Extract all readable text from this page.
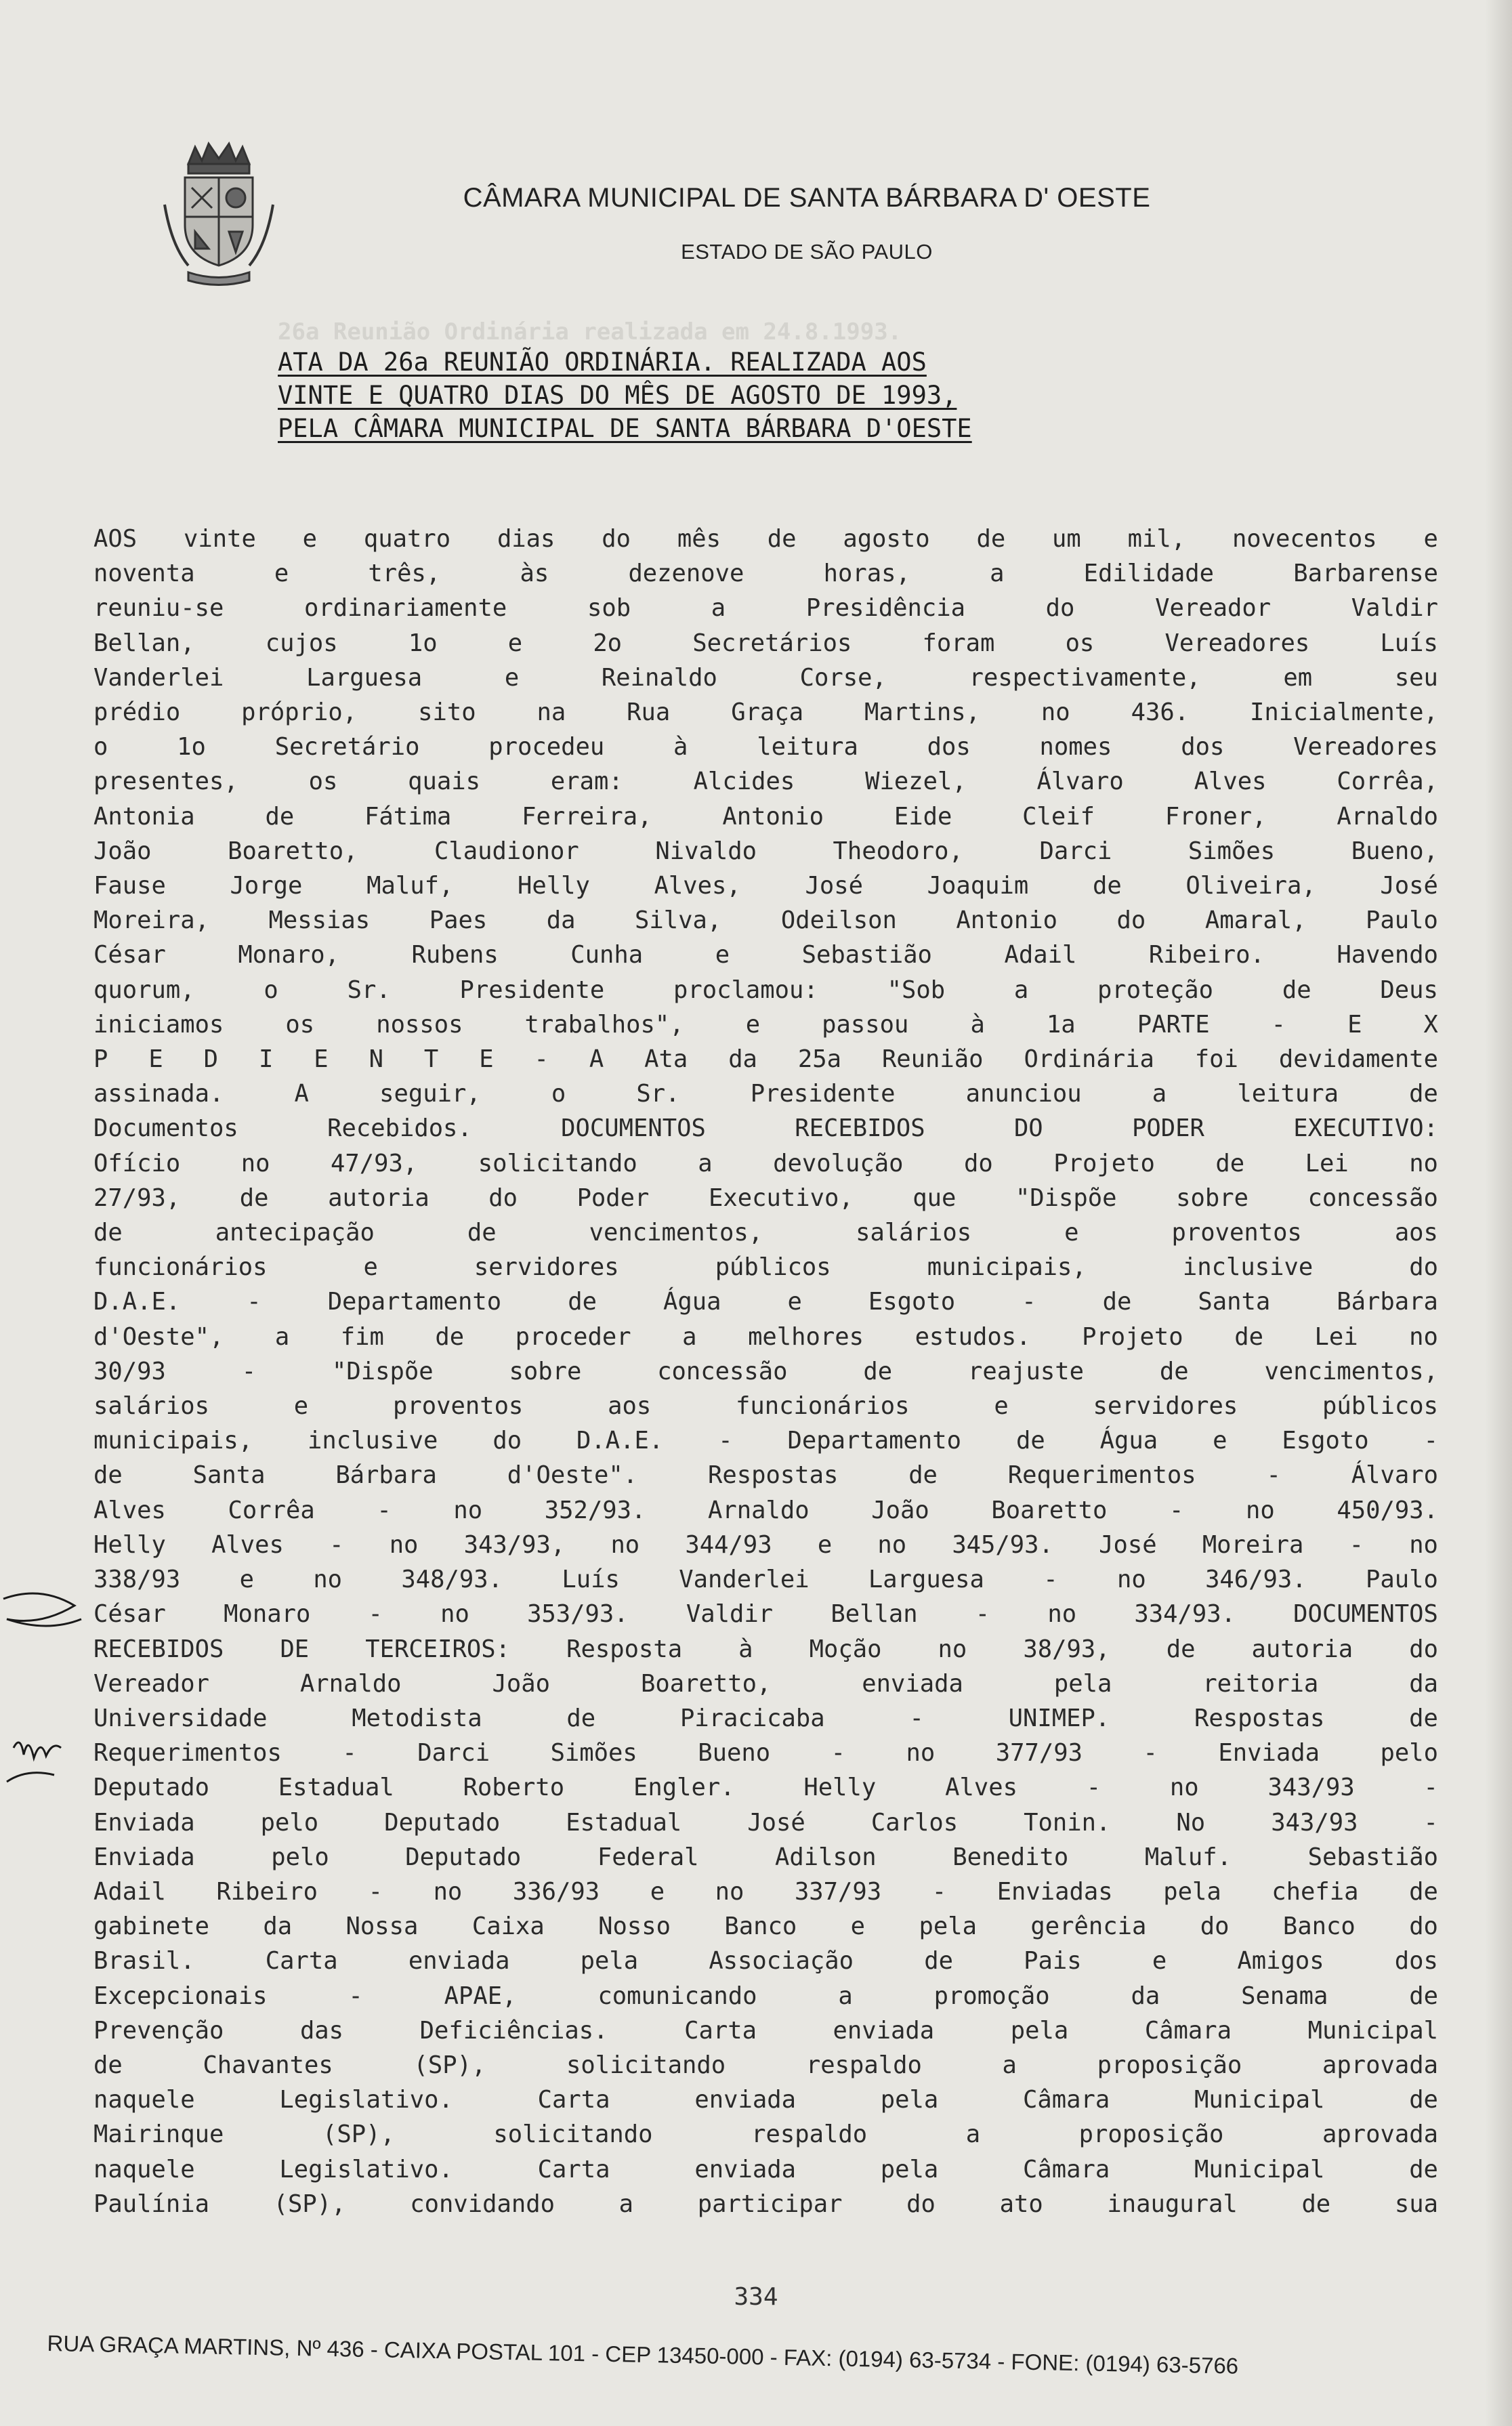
CÂMARA MUNICIPAL DE SANTA BÁRBARA D' OESTE
ESTADO DE SÃO PAULO
26a Reunião Ordinária realizada em 24.8.1993.
ATA DA 26a REUNIÃO ORDINÁRIA. REALIZADA AOS
VINTE E QUATRO DIAS DO MÊS DE AGOSTO DE 1993,
PELA CÂMARA MUNICIPAL DE SANTA BÁRBARA D'OESTE
AOS vinte e quatro dias do mês de agosto de um mil, novecentos e
noventa	e	três,	às	dezenove	horas,	a	Edilidade	Barbarense
reuniu-se	ordinariamente	sob	a	Presidência	do	Vereador	Valdir
Bellan,	cujos	1o	e	2o	Secretários	foram	os	Vereadores	Luís
Vanderlei	Larguesa	e	Reinaldo	Corse,	respectivamente,	em	seu
prédio	próprio,	sito	na	Rua	Graça	Martins,	no	436.	Inicialmente,
o	1o	Secretário	procedeu	à	leitura	dos	nomes	dos	Vereadores
presentes,	os	quais	eram:	Alcides	Wiezel,	Álvaro	Alves	Corrêa,
Antonia	de	Fátima	Ferreira,	Antonio	Eide	Cleif	Froner,	Arnaldo
João	Boaretto,	Claudionor	Nivaldo	Theodoro,	Darci	Simões	Bueno,
Fause	Jorge	Maluf,	Helly	Alves,	José	Joaquim	de	Oliveira,	José
Moreira, Messias Paes da Silva, Odeilson Antonio do Amaral, Paulo
César	Monaro,	Rubens	Cunha	e	Sebastião	Adail	Ribeiro.	Havendo
quorum,	o	Sr.	Presidente	proclamou:	"Sob	a	proteção	de	Deus
iniciamos	os	nossos	trabalhos",	e	passou	à	1a	PARTE	-	E	X
P E D I E N T E - A Ata da 25a Reunião Ordinária foi devidamente
assinada.	A	seguir,	o	Sr.	Presidente	anunciou	a	leitura	de
Documentos	Recebidos.	DOCUMENTOS	RECEBIDOS	DO	PODER	EXECUTIVO:
Ofício	no	47/93,	solicitando	a	devolução	do	Projeto	de	Lei	no
27/93, de autoria do Poder Executivo, que "Dispõe sobre concessão
de	antecipação	de	vencimentos,	salários	e	proventos	aos
funcionários	e	servidores	públicos	municipais,	inclusive	do
D.A.E.	-	Departamento	de	Água	e	Esgoto	-	de	Santa	Bárbara
d'Oeste", a fim de proceder a melhores estudos. Projeto de Lei no
30/93	-	"Dispõe	sobre	concessão	de	reajuste	de	vencimentos,
salários	e	proventos	aos	funcionários	e	servidores	públicos
municipais, inclusive do D.A.E. - Departamento de Água e Esgoto -
de	Santa	Bárbara	d'Oeste".	Respostas	de	Requerimentos	-	Álvaro
Alves	Corrêa	-	no	352/93.	Arnaldo	João	Boaretto	-	no	450/93.
Helly Alves - no 343/93, no 344/93 e no 345/93. José Moreira - no
338/93 e no 348/93. Luís Vanderlei Larguesa - no 346/93. Paulo
César Monaro - no 353/93. Valdir Bellan - no 334/93. DOCUMENTOS
RECEBIDOS DE TERCEIROS: Resposta à Moção no 38/93, de autoria do
Vereador	Arnaldo	João	Boaretto,	enviada	pela	reitoria	da
Universidade	Metodista	de	Piracicaba	-	UNIMEP.	Respostas	de
Requerimentos	-	Darci	Simões	Bueno	-	no	377/93	-	Enviada	pelo
Deputado	Estadual	Roberto	Engler.	Helly	Alves	-	no	343/93	-
Enviada	pelo	Deputado	Estadual	José	Carlos	Tonin.	No	343/93	-
Enviada	pelo	Deputado	Federal	Adilson	Benedito	Maluf.	Sebastião
Adail Ribeiro - no 336/93 e no 337/93 - Enviadas pela chefia de
gabinete da Nossa Caixa Nosso Banco e pela gerência do Banco do
Brasil.	Carta	enviada	pela	Associação	de	Pais	e	Amigos	dos
Excepcionais	-	APAE,	comunicando	a	promoção	da	Senama	de
Prevenção	das	Deficiências.	Carta	enviada	pela	Câmara	Municipal
de	Chavantes	(SP),	solicitando	respaldo	a	proposição	aprovada
naquele	Legislativo.	Carta	enviada	pela	Câmara	Municipal	de
Mairinque	(SP),	solicitando	respaldo	a	proposição	aprovada
naquele	Legislativo.	Carta	enviada	pela	Câmara	Municipal	de
Paulínia	(SP),	convidando	a	participar	do	ato	inaugural	de	sua
334
RUA GRAÇA MARTINS, Nº 436 - CAIXA POSTAL 101 - CEP 13450-000 - FAX: (0194) 63-5734 - FONE: (0194) 63-5766
